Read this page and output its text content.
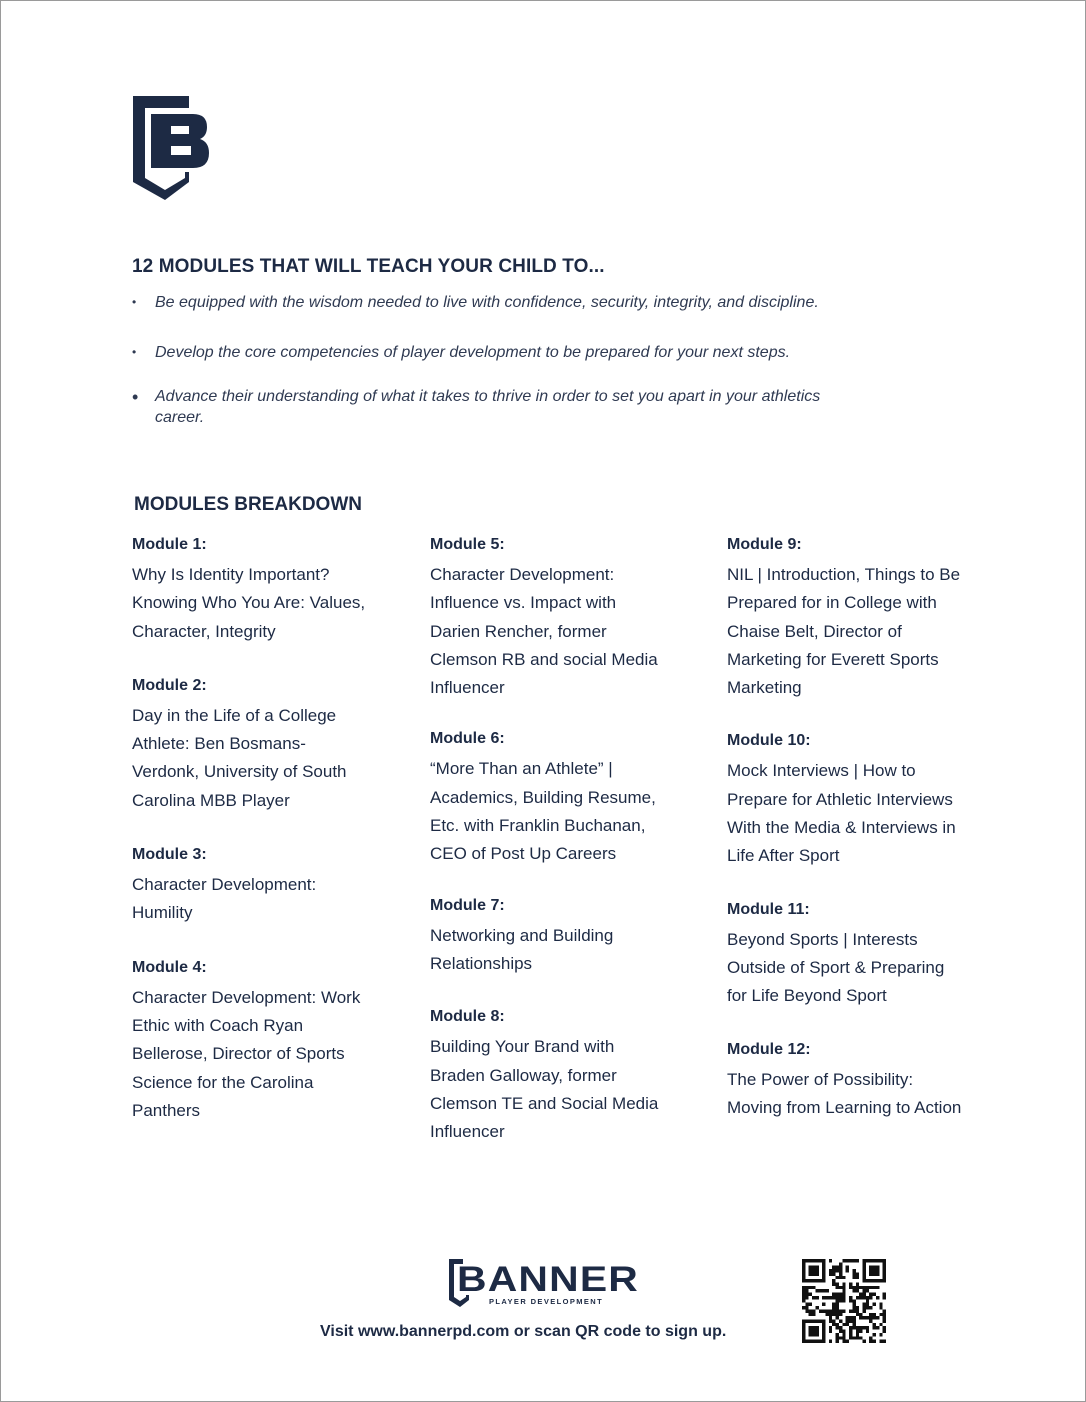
12 MODULES THAT WILL TEACH YOUR CHILD TO...
• Be equipped with the wisdom needed to live with confidence, security, integrity, and discipline.
• Develop the core competencies of player development to be prepared for your next steps.
• Advance their understanding of what it takes to thrive in order to set you apart in your athletics career.
MODULES BREAKDOWN
Module 1:
Why Is Identity Important? Knowing Who You Are: Values, Character, Integrity
Module 2:
Day in the Life of a College Athlete: Ben Bosmans-Verdonk, University of South Carolina MBB Player
Module 3:
Character Development: Humility
Module 4:
Character Development: Work Ethic with Coach Ryan Bellerose, Director of Sports Science for the Carolina Panthers
Module 5:
Character Development: Influence vs. Impact with Darien Rencher, former Clemson RB and social Media Influencer
Module 6:
“More Than an Athlete” | Academics, Building Resume, Etc. with Franklin Buchanan, CEO of Post Up Careers
Module 7:
Networking and Building Relationships
Module 8:
Building Your Brand with Braden Galloway, former Clemson TE and Social Media Influencer
Module 9:
NIL | Introduction, Things to Be Prepared for in College with Chaise Belt, Director of Marketing for Everett Sports Marketing
Module 10:
Mock Interviews | How to Prepare for Athletic Interviews With the Media & Interviews in Life After Sport
Module 11:
Beyond Sports | Interests Outside of Sport & Preparing for Life Beyond Sport
Module 12:
The Power of Possibility: Moving from Learning to Action
BANNER
PLAYER DEVELOPMENT

Visit www.bannerpd.com or scan QR code to sign up.
